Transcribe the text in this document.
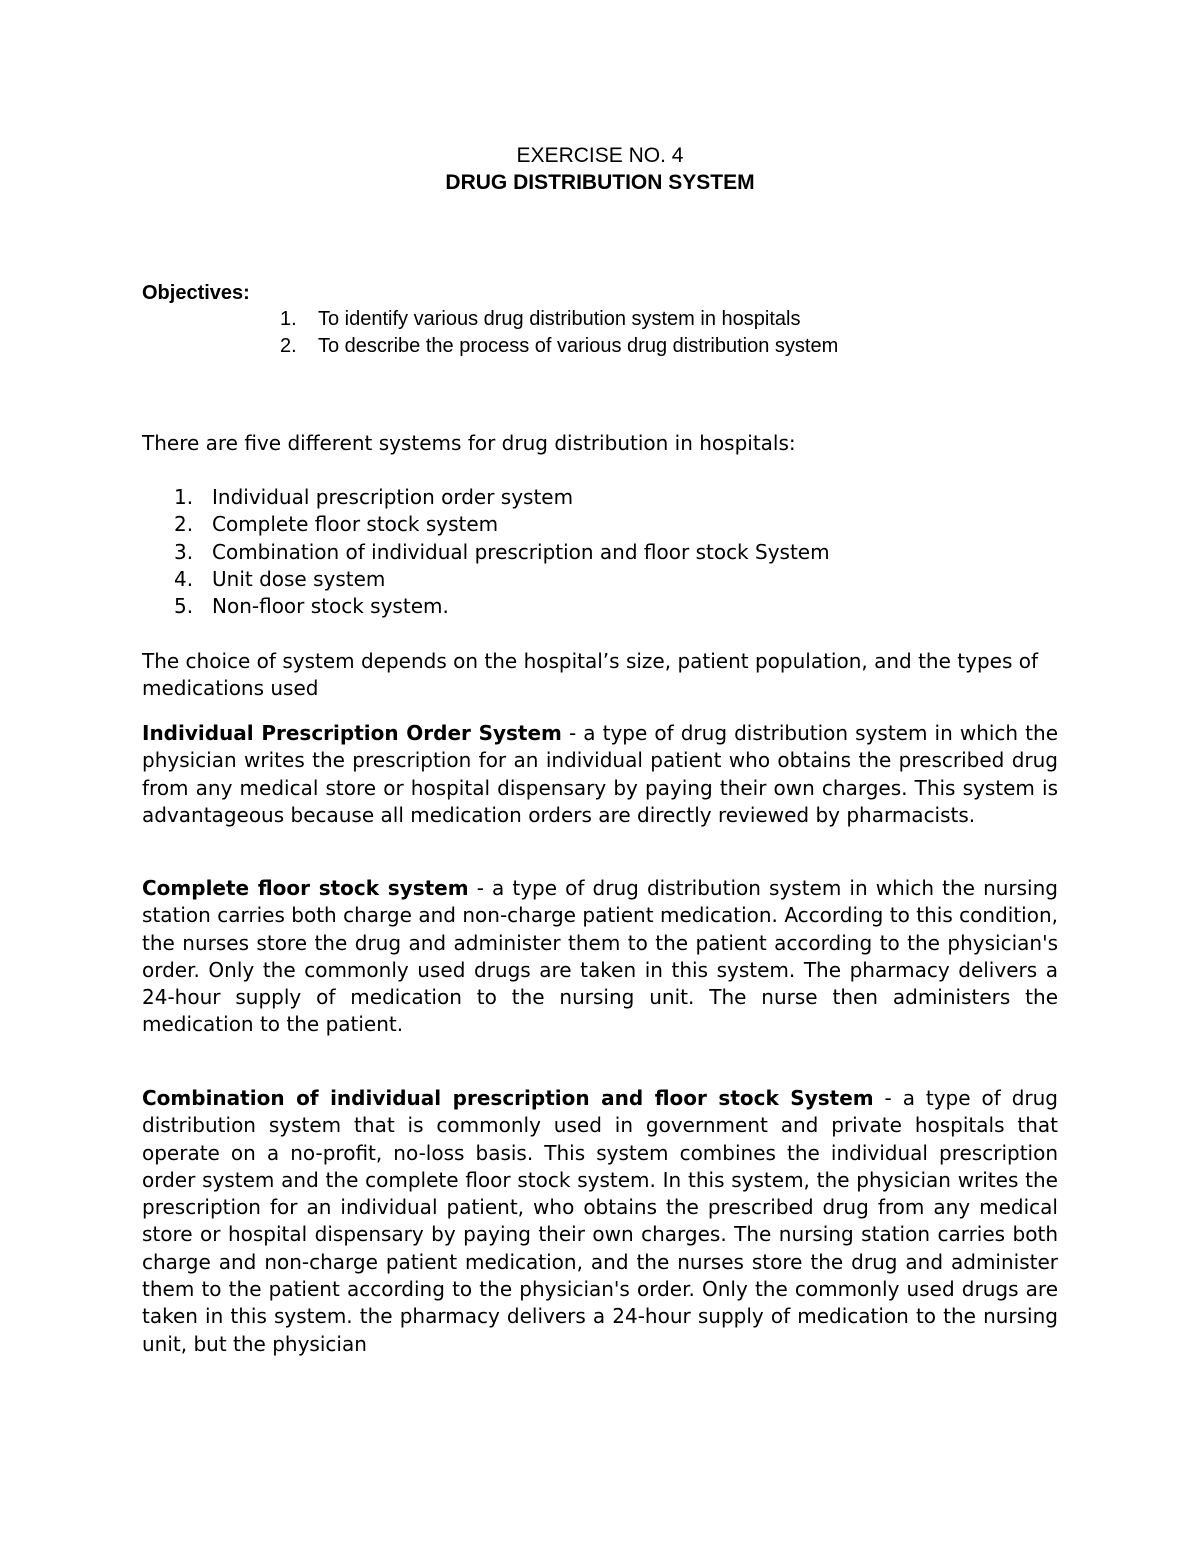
EXERCISE NO. 4
DRUG DISTRIBUTION SYSTEM
Objectives:
1. To identify various drug distribution system in hospitals
2. To describe the process of various drug distribution system

There are five different systems for drug distribution in hospitals:

1. Individual prescription order system
2. Complete floor stock system
3. Combination of individual prescription and floor stock System
4. Unit dose system
5. Non-floor stock system.

The choice of system depends on the hospital’s size, patient population, and the types of medications used

Individual Prescription Order System - a type of drug distribution system in which the physician writes the prescription for an individual patient who obtains the prescribed drug from any medical store or hospital dispensary by paying their own charges. This system is advantageous because all medication orders are directly reviewed by pharmacists.

Complete floor stock system - a type of drug distribution system in which the nursing station carries both charge and non-charge patient medication. According to this condition, the nurses store the drug and administer them to the patient according to the physician's order. Only the commonly used drugs are taken in this system. The pharmacy delivers a 24-hour supply of medication to the nursing unit. The nurse then administers the medication to the patient.

Combination of individual prescription and floor stock System - a type of drug distribution system that is commonly used in government and private hospitals that operate on a no-profit, no-loss basis. This system combines the individual prescription order system and the complete floor stock system. In this system, the physician writes the prescription for an individual patient, who obtains the prescribed drug from any medical store or hospital dispensary by paying their own charges. The nursing station carries both charge and non-charge patient medication, and the nurses store the drug and administer them to the patient according to the physician's order. Only the commonly used drugs are taken in this system. the pharmacy delivers a 24-hour supply of medication to the nursing unit, but the physician
